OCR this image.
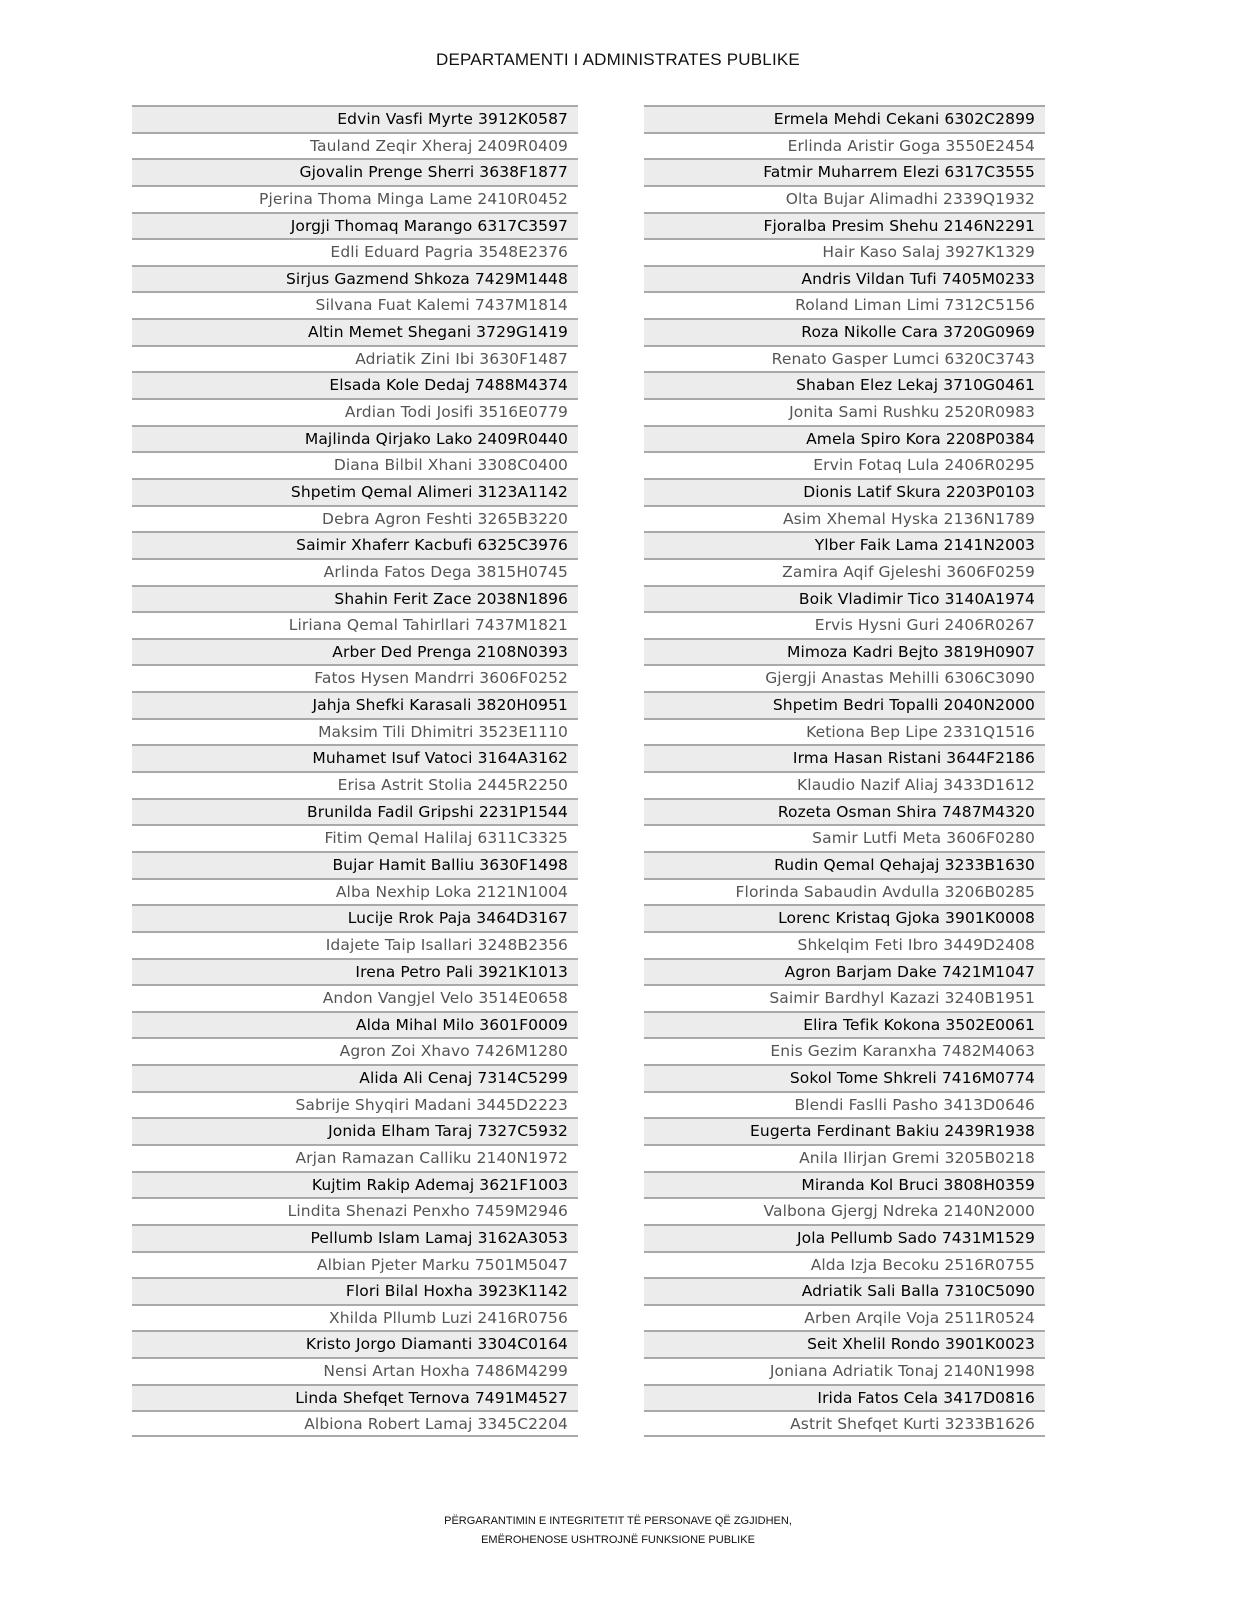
DEPARTAMENTI I ADMINISTRATES PUBLIKE
Edvin Vasfi Myrte 3912K0587
Tauland Zeqir Xheraj 2409R0409
Gjovalin Prenge Sherri 3638F1877
Pjerina Thoma Minga Lame 2410R0452
Jorgji Thomaq Marango 6317C3597
Edli Eduard Pagria 3548E2376
Sirjus Gazmend Shkoza 7429M1448
Silvana Fuat Kalemi 7437M1814
Altin Memet Shegani 3729G1419
Adriatik Zini Ibi 3630F1487
Elsada Kole Dedaj 7488M4374
Ardian Todi Josifi 3516E0779
Majlinda Qirjako Lako 2409R0440
Diana Bilbil Xhani 3308C0400
Shpetim Qemal Alimeri 3123A1142
Debra Agron Feshti 3265B3220
Saimir Xhaferr Kacbufi 6325C3976
Arlinda Fatos Dega 3815H0745
Shahin Ferit Zace 2038N1896
Liriana Qemal Tahirllari 7437M1821
Arber Ded Prenga 2108N0393
Fatos Hysen Mandrri 3606F0252
Jahja Shefki Karasali 3820H0951
Maksim Tili Dhimitri 3523E1110
Muhamet Isuf Vatoci 3164A3162
Erisa Astrit Stolia 2445R2250
Brunilda Fadil Gripshi 2231P1544
Fitim Qemal Halilaj 6311C3325
Bujar Hamit Balliu 3630F1498
Alba Nexhip Loka 2121N1004
Lucije Rrok Paja 3464D3167
Idajete Taip Isallari 3248B2356
Irena Petro Pali 3921K1013
Andon Vangjel Velo 3514E0658
Alda Mihal Milo 3601F0009
Agron Zoi Xhavo 7426M1280
Alida Ali Cenaj 7314C5299
Sabrije Shyqiri Madani 3445D2223
Jonida Elham Taraj 7327C5932
Arjan Ramazan Calliku 2140N1972
Kujtim Rakip Ademaj 3621F1003
Lindita Shenazi Penxho 7459M2946
Pellumb Islam Lamaj 3162A3053
Albian Pjeter Marku 7501M5047
Flori Bilal Hoxha 3923K1142
Xhilda Pllumb Luzi 2416R0756
Kristo Jorgo Diamanti 3304C0164
Nensi Artan Hoxha 7486M4299
Linda Shefqet Ternova 7491M4527
Albiona Robert Lamaj 3345C2204
Ermela Mehdi Cekani 6302C2899
Erlinda Aristir Goga 3550E2454
Fatmir Muharrem Elezi 6317C3555
Olta Bujar Alimadhi 2339Q1932
Fjoralba Presim Shehu 2146N2291
Hair Kaso Salaj 3927K1329
Andris Vildan Tufi 7405M0233
Roland Liman Limi 7312C5156
Roza Nikolle Cara 3720G0969
Renato Gasper Lumci 6320C3743
Shaban Elez Lekaj 3710G0461
Jonita Sami Rushku 2520R0983
Amela Spiro Kora 2208P0384
Ervin Fotaq Lula 2406R0295
Dionis Latif Skura 2203P0103
Asim Xhemal Hyska 2136N1789
Ylber Faik Lama 2141N2003
Zamira Aqif Gjeleshi 3606F0259
Boik Vladimir Tico 3140A1974
Ervis Hysni Guri 2406R0267
Mimoza Kadri Bejto 3819H0907
Gjergji Anastas Mehilli 6306C3090
Shpetim Bedri Topalli 2040N2000
Ketiona Bep Lipe 2331Q1516
Irma Hasan Ristani 3644F2186
Klaudio Nazif Aliaj 3433D1612
Rozeta Osman Shira 7487M4320
Samir Lutfi Meta 3606F0280
Rudin Qemal Qehajaj 3233B1630
Florinda Sabaudin Avdulla 3206B0285
Lorenc Kristaq Gjoka 3901K0008
Shkelqim Feti Ibro 3449D2408
Agron Barjam Dake 7421M1047
Saimir Bardhyl Kazazi 3240B1951
Elira Tefik Kokona 3502E0061
Enis Gezim Karanxha 7482M4063
Sokol Tome Shkreli 7416M0774
Blendi Faslli Pasho 3413D0646
Eugerta Ferdinant Bakiu 2439R1938
Anila Ilirjan Gremi 3205B0218
Miranda Kol Bruci 3808H0359
Valbona Gjergj Ndreka 2140N2000
Jola Pellumb Sado 7431M1529
Alda Izja Becoku 2516R0755
Adriatik Sali Balla 7310C5090
Arben Arqile Voja 2511R0524
Seit Xhelil Rondo 3901K0023
Joniana Adriatik Tonaj 2140N1998
Irida Fatos Cela 3417D0816
Astrit Shefqet Kurti 3233B1626
PËRGARANTIMIN E INTEGRITETIT TË PERSONAVE QË ZGJIDHEN,
EMËROHENOSE USHTROJNË FUNKSIONE PUBLIKE
